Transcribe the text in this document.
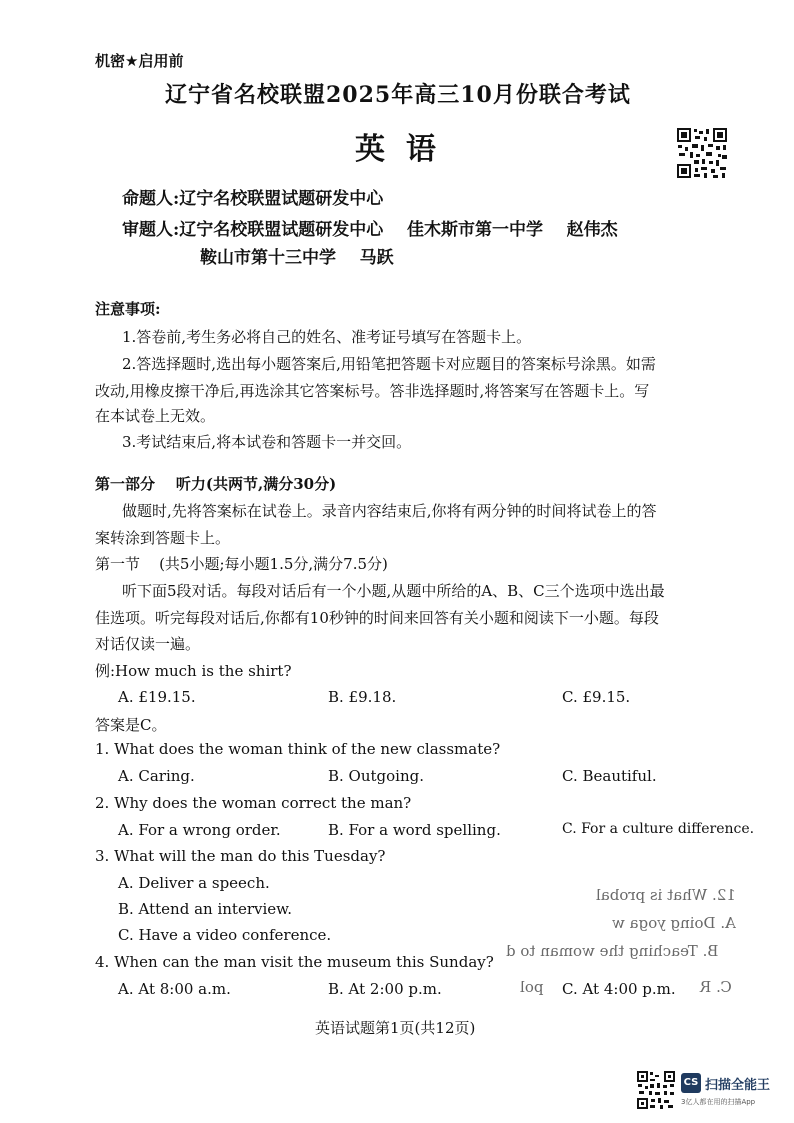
机密★启用前
辽宁省名校联盟2025年高三10月份联合考试
英  语
命题人:辽宁名校联盟试题研发中心
审题人:辽宁名校联盟试题研发中心    佳木斯市第一中学    赵伟杰
鞍山市第十三中学    马跃
注意事项:
1.答卷前,考生务必将自己的姓名、准考证号填写在答题卡上。
2.答选择题时,选出每小题答案后,用铅笔把答题卡对应题目的答案标号涂黑。如需
改动,用橡皮擦干净后,再选涂其它答案标号。答非选择题时,将答案写在答题卡上。写
在本试卷上无效。
3.考试结束后,将本试卷和答题卡一并交回。
第一部分    听力(共两节,满分30分)
做题时,先将答案标在试卷上。录音内容结束后,你将有两分钟的时间将试卷上的答
案转涂到答题卡上。
第一节    (共5小题;每小题1.5分,满分7.5分)
听下面5段对话。每段对话后有一个小题,从题中所给的A、B、C三个选项中选出最
佳选项。听完每段对话后,你都有10秒钟的时间来回答有关小题和阅读下一小题。每段
对话仅读一遍。
例:How much is the shirt?
A. £19.15.	B. £9.18.	C. £9.15.
答案是C。
1. What does the woman think of the new classmate?
A. Caring.	B. Outgoing.	C. Beautiful.
2. Why does the woman correct the man?
A. For a wrong order.	B. For a word spelling.	C. For a culture difference.
3. What will the man do this Tuesday?
A. Deliver a speech.
B. Attend an interview.
C. Have a video conference.
4. When can the man visit the museum this Sunday?
A. At 8:00 a.m.	B. At 2:00 p.m.	C. At 4:00 p.m.
12. What is probal
A. Doing yoga w
B. Teaching the woman to d
C. R
pol
英语试题第1页(共12页)
CS 扫描全能王
3亿人都在用的扫描App
